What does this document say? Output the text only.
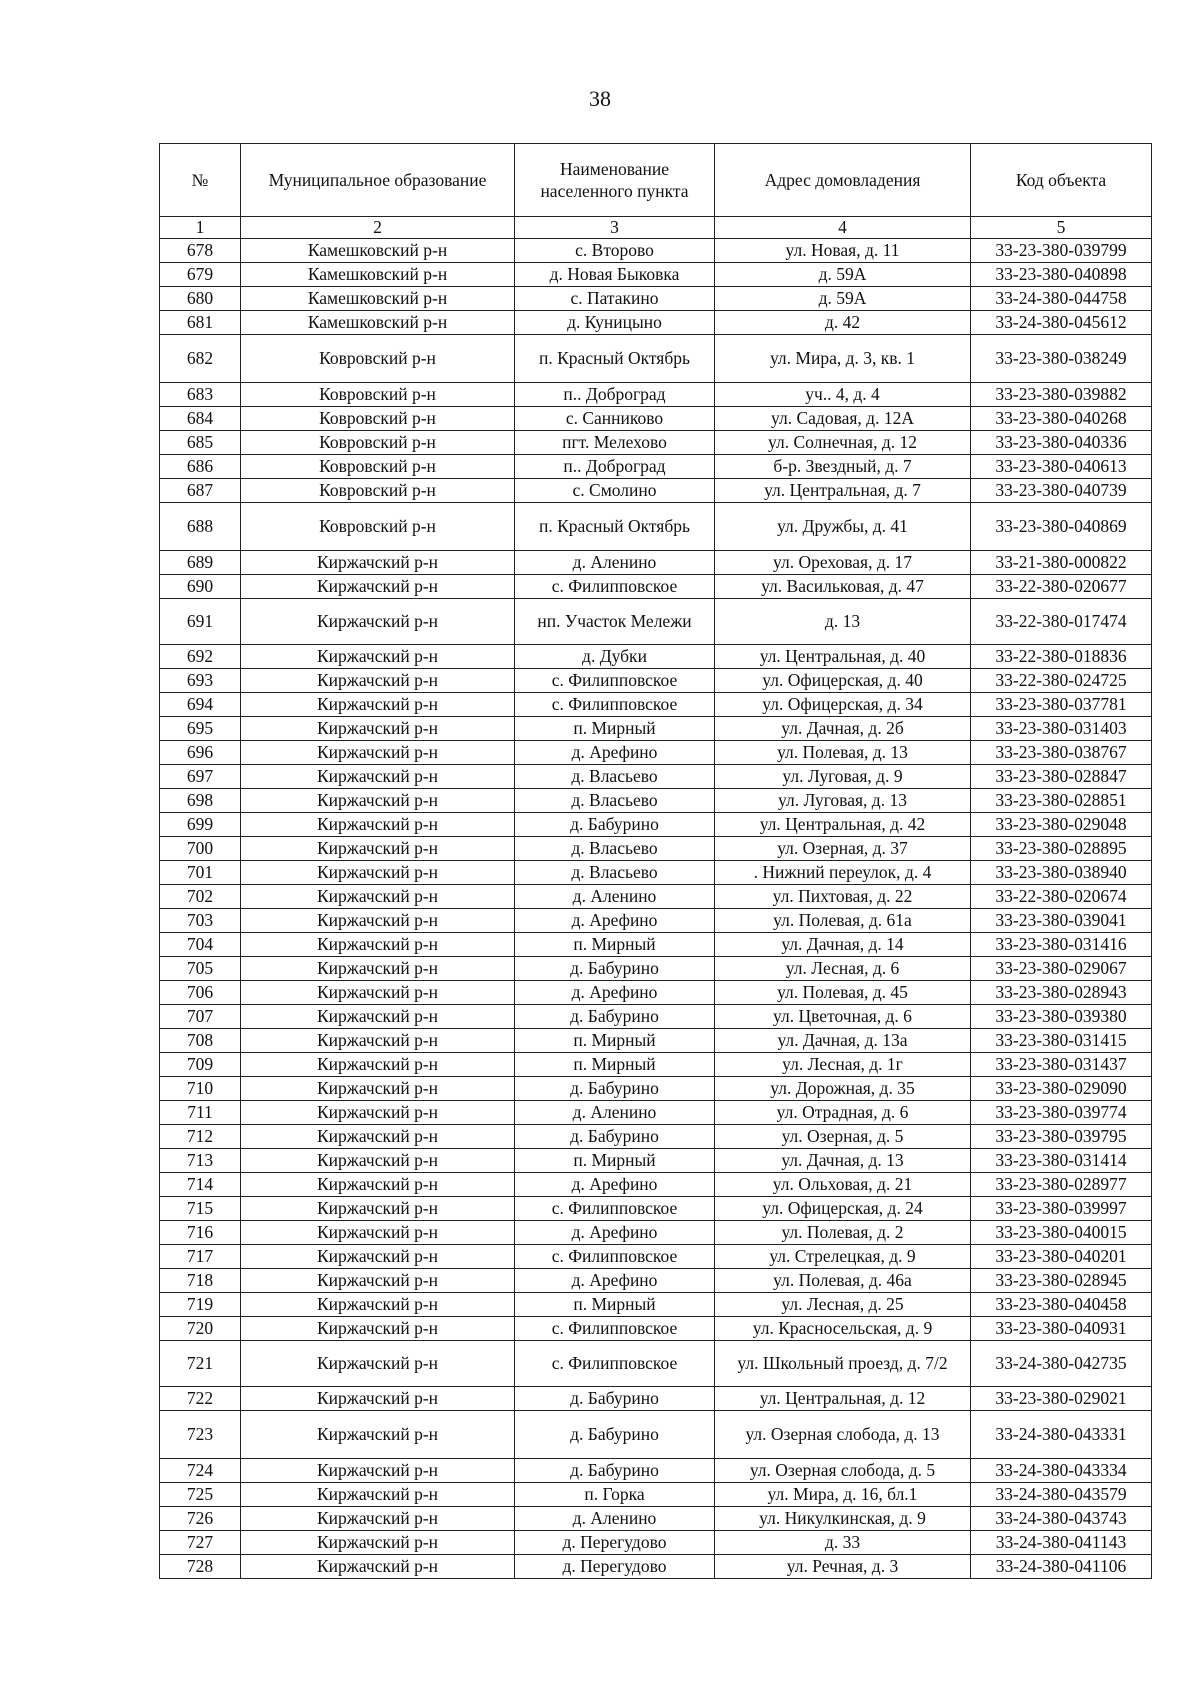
38
№	Муниципальное образование	Наименование населенного пункта	Адрес домовладения	Код объекта
1	2	3	4	5
678	Камешковский р-н	с. Второво	ул. Новая, д. 11	33-23-380-039799
679	Камешковский р-н	д. Новая Быковка	д. 59А	33-23-380-040898
680	Камешковский р-н	с. Патакино	д. 59А	33-24-380-044758
681	Камешковский р-н	д. Куницыно	д. 42	33-24-380-045612
682	Ковровский р-н	п. Красный Октябрь	ул. Мира, д. 3, кв. 1	33-23-380-038249
683	Ковровский р-н	п.. Доброград	уч.. 4, д. 4	33-23-380-039882
684	Ковровский р-н	с. Санниково	ул. Садовая, д. 12А	33-23-380-040268
685	Ковровский р-н	пгт. Мелехово	ул. Солнечная, д. 12	33-23-380-040336
686	Ковровский р-н	п.. Доброград	б-р. Звездный, д. 7	33-23-380-040613
687	Ковровский р-н	с. Смолино	ул. Центральная, д. 7	33-23-380-040739
688	Ковровский р-н	п. Красный Октябрь	ул. Дружбы, д. 41	33-23-380-040869
689	Киржачский р-н	д. Аленино	ул. Ореховая, д. 17	33-21-380-000822
690	Киржачский р-н	с. Филипповское	ул. Васильковая, д. 47	33-22-380-020677
691	Киржачский р-н	нп. Участок Мележи	д. 13	33-22-380-017474
692	Киржачский р-н	д. Дубки	ул. Центральная, д. 40	33-22-380-018836
693	Киржачский р-н	с. Филипповское	ул. Офицерская, д. 40	33-22-380-024725
694	Киржачский р-н	с. Филипповское	ул. Офицерская, д. 34	33-23-380-037781
695	Киржачский р-н	п. Мирный	ул. Дачная, д. 2б	33-23-380-031403
696	Киржачский р-н	д. Арефино	ул. Полевая, д. 13	33-23-380-038767
697	Киржачский р-н	д. Власьево	ул. Луговая, д. 9	33-23-380-028847
698	Киржачский р-н	д. Власьево	ул. Луговая, д. 13	33-23-380-028851
699	Киржачский р-н	д. Бабурино	ул. Центральная, д. 42	33-23-380-029048
700	Киржачский р-н	д. Власьево	ул. Озерная, д. 37	33-23-380-028895
701	Киржачский р-н	д. Власьево	. Нижний переулок, д. 4	33-23-380-038940
702	Киржачский р-н	д. Аленино	ул. Пихтовая, д. 22	33-22-380-020674
703	Киржачский р-н	д. Арефино	ул. Полевая, д. 61а	33-23-380-039041
704	Киржачский р-н	п. Мирный	ул. Дачная, д. 14	33-23-380-031416
705	Киржачский р-н	д. Бабурино	ул. Лесная, д. 6	33-23-380-029067
706	Киржачский р-н	д. Арефино	ул. Полевая, д. 45	33-23-380-028943
707	Киржачский р-н	д. Бабурино	ул. Цветочная, д. 6	33-23-380-039380
708	Киржачский р-н	п. Мирный	ул. Дачная, д. 13а	33-23-380-031415
709	Киржачский р-н	п. Мирный	ул. Лесная, д. 1г	33-23-380-031437
710	Киржачский р-н	д. Бабурино	ул. Дорожная, д. 35	33-23-380-029090
711	Киржачский р-н	д. Аленино	ул. Отрадная, д. 6	33-23-380-039774
712	Киржачский р-н	д. Бабурино	ул. Озерная, д. 5	33-23-380-039795
713	Киржачский р-н	п. Мирный	ул. Дачная, д. 13	33-23-380-031414
714	Киржачский р-н	д. Арефино	ул. Ольховая, д. 21	33-23-380-028977
715	Киржачский р-н	с. Филипповское	ул. Офицерская, д. 24	33-23-380-039997
716	Киржачский р-н	д. Арефино	ул. Полевая, д. 2	33-23-380-040015
717	Киржачский р-н	с. Филипповское	ул. Стрелецкая, д. 9	33-23-380-040201
718	Киржачский р-н	д. Арефино	ул. Полевая, д. 46а	33-23-380-028945
719	Киржачский р-н	п. Мирный	ул. Лесная, д. 25	33-23-380-040458
720	Киржачский р-н	с. Филипповское	ул. Красносельская, д. 9	33-23-380-040931
721	Киржачский р-н	с. Филипповское	ул. Школьный проезд, д. 7/2	33-24-380-042735
722	Киржачский р-н	д. Бабурино	ул. Центральная, д. 12	33-23-380-029021
723	Киржачский р-н	д. Бабурино	ул. Озерная слобода, д. 13	33-24-380-043331
724	Киржачский р-н	д. Бабурино	ул. Озерная слобода, д. 5	33-24-380-043334
725	Киржачский р-н	п. Горка	ул. Мира, д. 16, бл.1	33-24-380-043579
726	Киржачский р-н	д. Аленино	ул. Никулкинская, д. 9	33-24-380-043743
727	Киржачский р-н	д. Перегудово	д. 33	33-24-380-041143
728	Киржачский р-н	д. Перегудово	ул. Речная, д. 3	33-24-380-041106
